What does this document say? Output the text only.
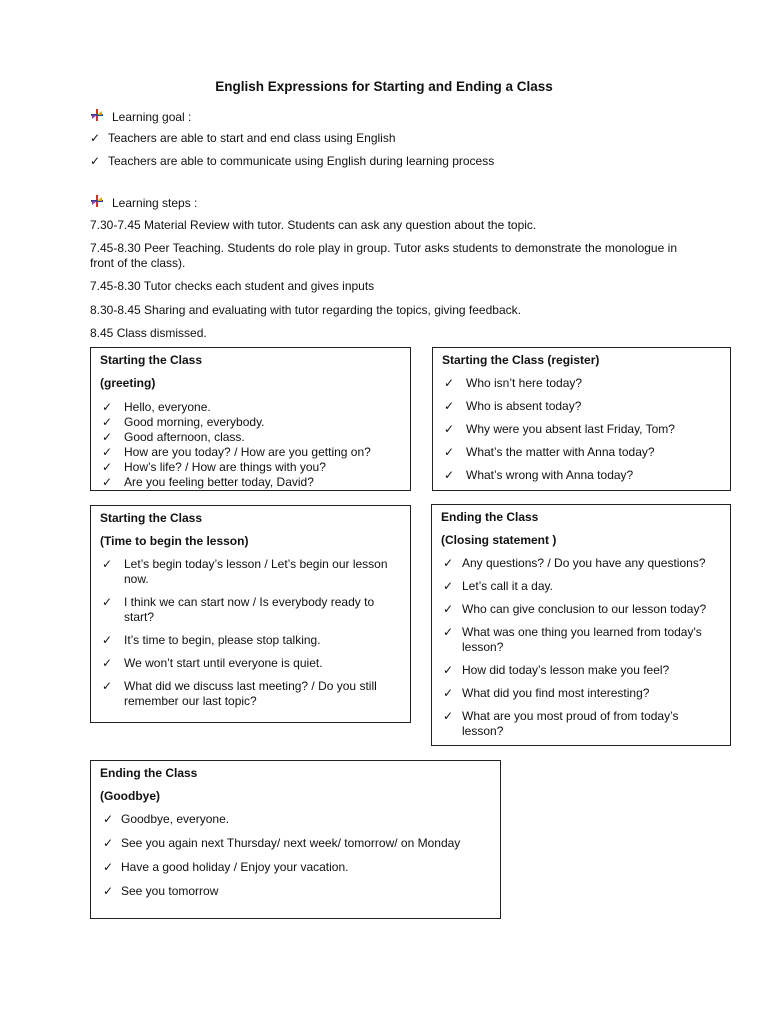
English Expressions for Starting and Ending a Class
Learning goal :
✓ Teachers are able to start and end class using English
✓ Teachers are able to communicate using English during learning process
Learning steps :
7.30-7.45 Material Review with tutor. Students can ask any question about the topic.
7.45-8.30 Peer Teaching. Students do role play in group. Tutor asks students to demonstrate the monologue in front of the class).
7.45-8.30 Tutor checks each student and gives inputs
8.30-8.45 Sharing and evaluating with tutor regarding the topics, giving feedback.
8.45 Class dismissed.
Starting the Class
(greeting)
✓ Hello, everyone.
✓ Good morning, everybody.
✓ Good afternoon, class.
✓ How are you today? / How are you getting on?
✓ How’s life? / How are things with you?
✓ Are you feeling better today, David?
Starting the Class (register)
✓ Who isn’t here today?
✓ Who is absent today?
✓ Why were you absent last Friday, Tom?
✓ What’s the matter with Anna today?
✓ What’s wrong with Anna today?
Starting the Class
(Time to begin the lesson)
✓ Let’s begin today’s lesson / Let’s begin our lesson now.
✓ I think we can start now / Is everybody ready to start?
✓ It’s time to begin, please stop talking.
✓ We won’t start until everyone is quiet.
✓ What did we discuss last meeting? / Do you still remember our last topic?
Ending the Class
(Closing statement )
✓ Any questions? / Do you have any questions?
✓ Let’s call it a day.
✓ Who can give conclusion to our lesson today?
✓ What was one thing you learned from today's lesson?
✓ How did today’s lesson make you feel?
✓ What did you find most interesting?
✓ What are you most proud of from today’s lesson?
Ending the Class
(Goodbye)
✓ Goodbye, everyone.
✓ See you again next Thursday/ next week/ tomorrow/ on Monday
✓ Have a good holiday / Enjoy your vacation.
✓ See you tomorrow
